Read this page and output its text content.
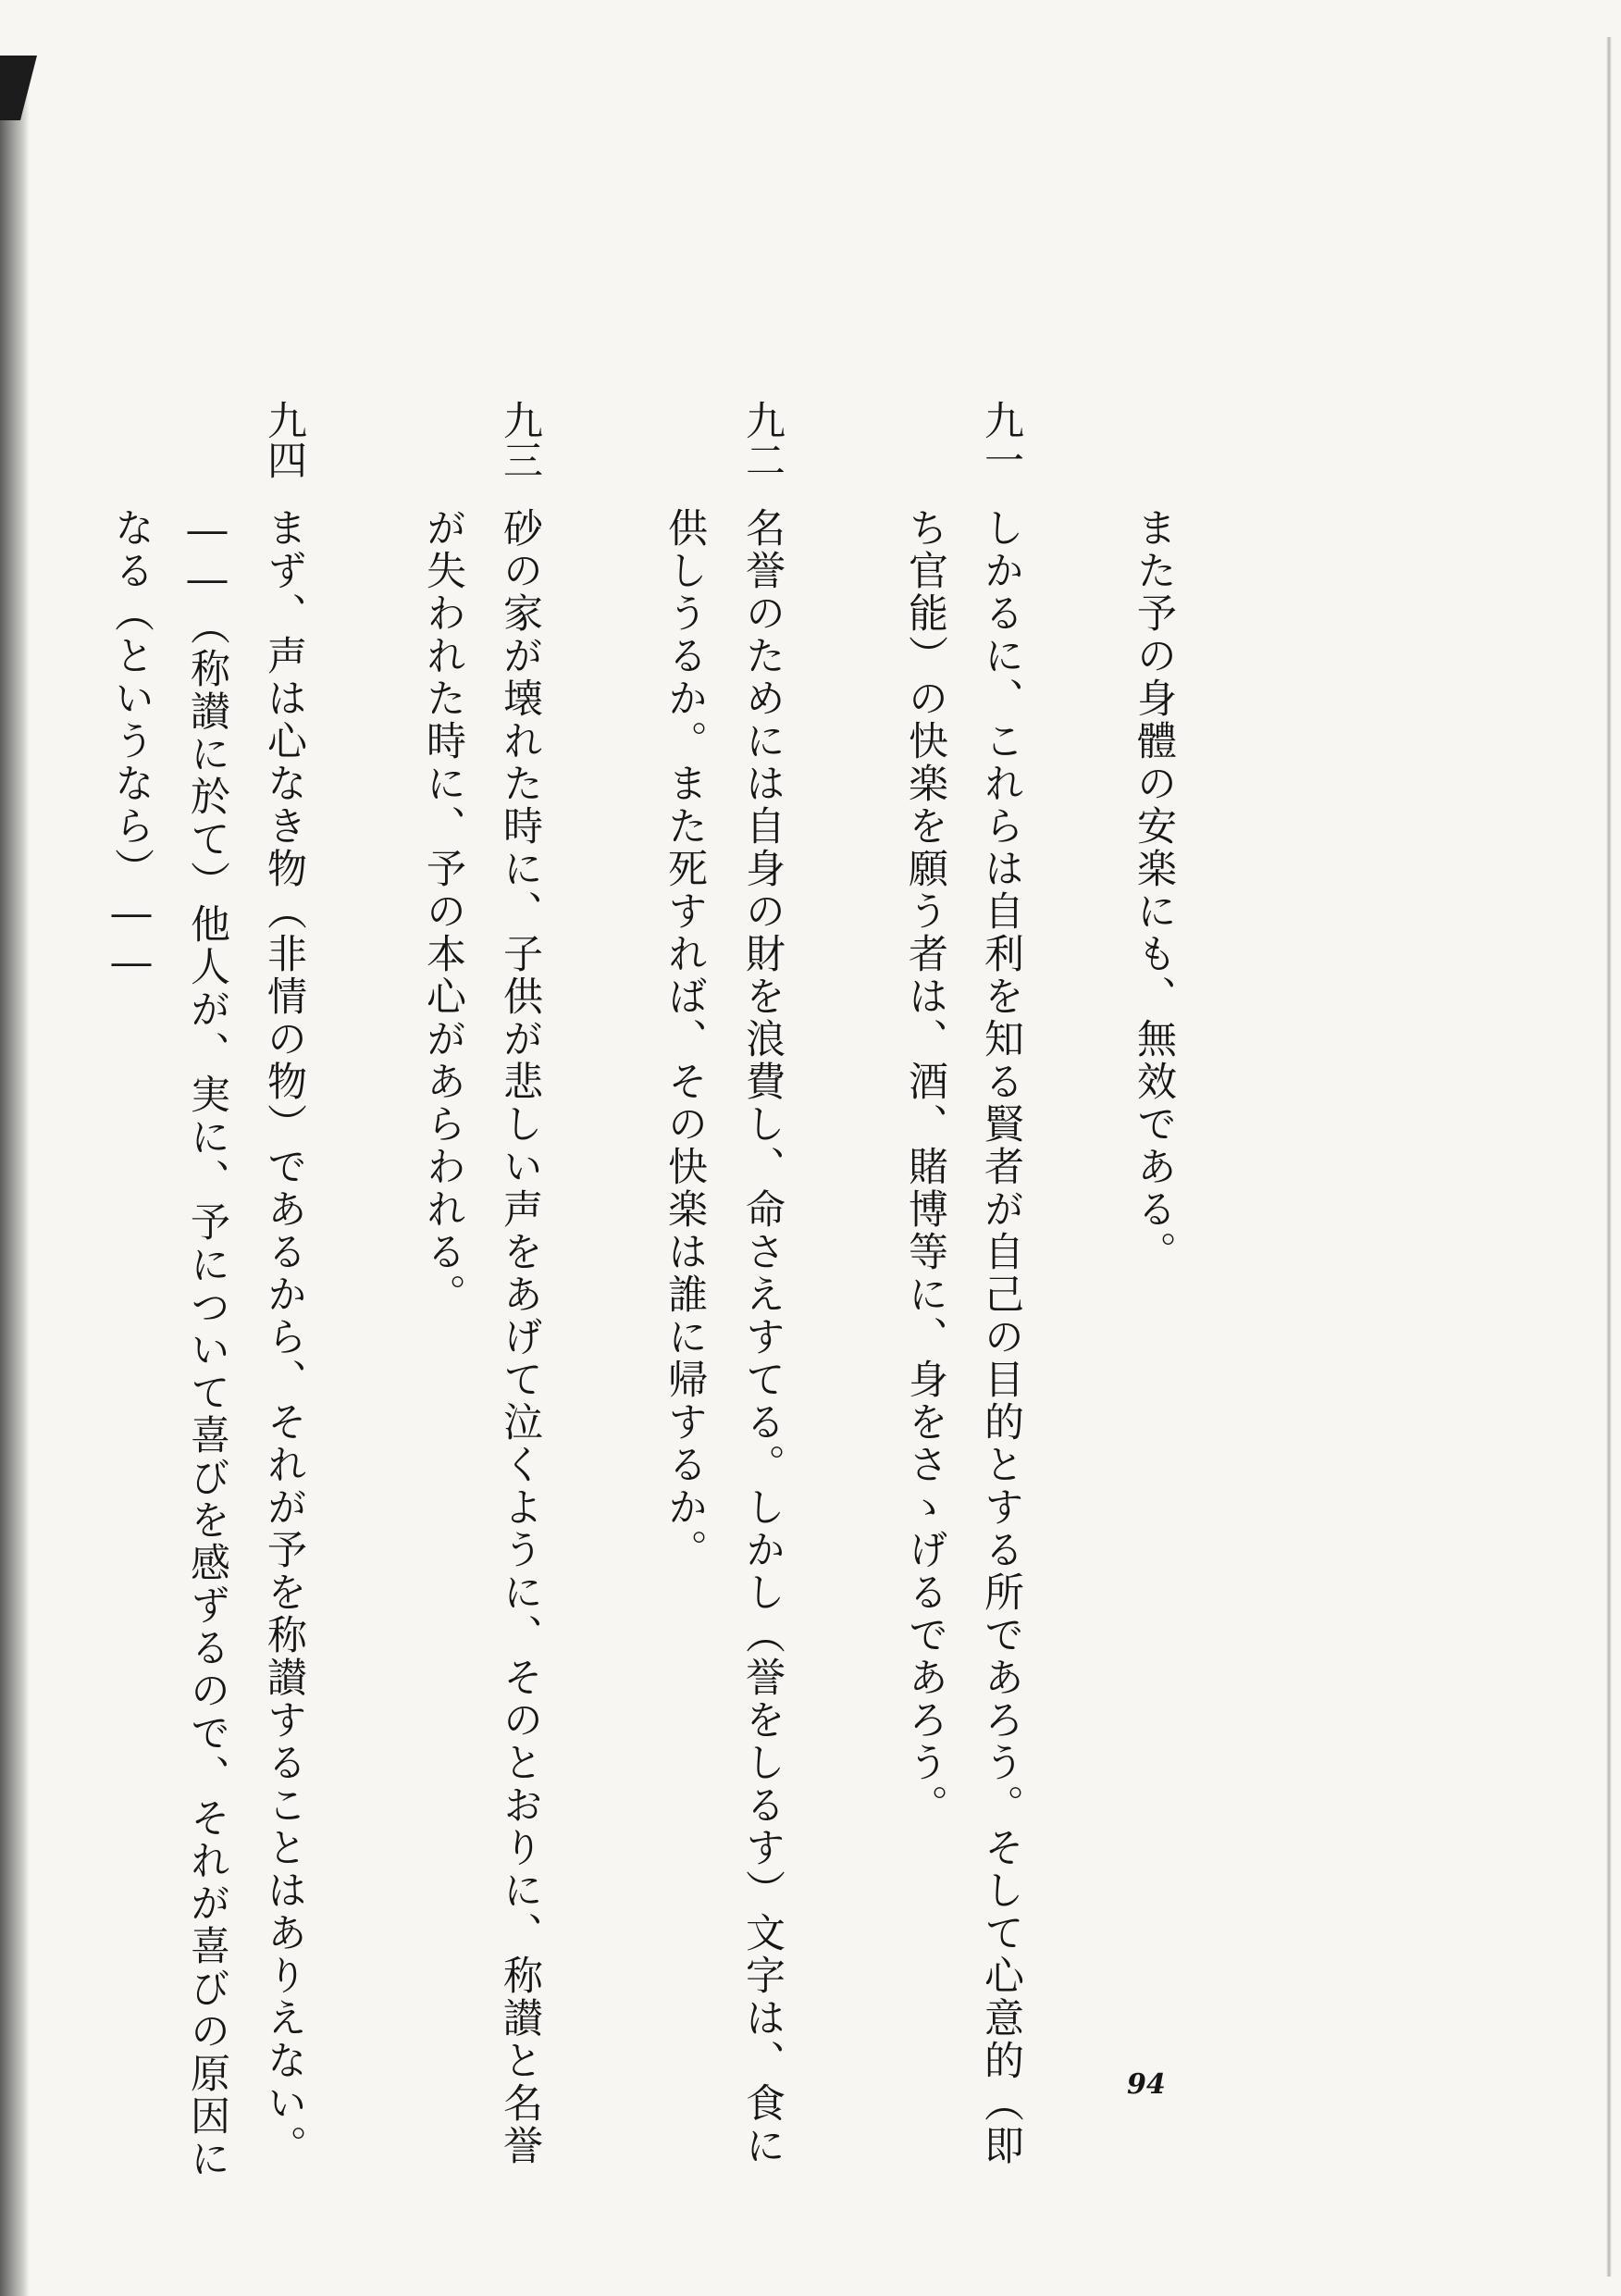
また予の身體の安楽にも、無效である。
九一
しかるに、これらは自利を知る賢者が自己の目的とする所であろう。そして心意的（即
ち官能）の快楽を願う者は、酒、賭博等に、身をさゝげるであろう。
九二
名誉のためには自身の財を浪費し、命さえすてる。しかし（誉をしるす）文字は、食に
供しうるか。また死すれば、その快楽は誰に帰するか。
九三
砂の家が壊れた時に、子供が悲しい声をあげて泣くように、そのとおりに、称讃と名誉
が失われた時に、予の本心があらわれる。
九四
まず、声は心なき物（非情の物）であるから、それが予を称讃することはありえない。
――（称讃に於て）他人が、実に、予について喜びを感ずるので、それが喜びの原因に
なる（というなら）――
94
